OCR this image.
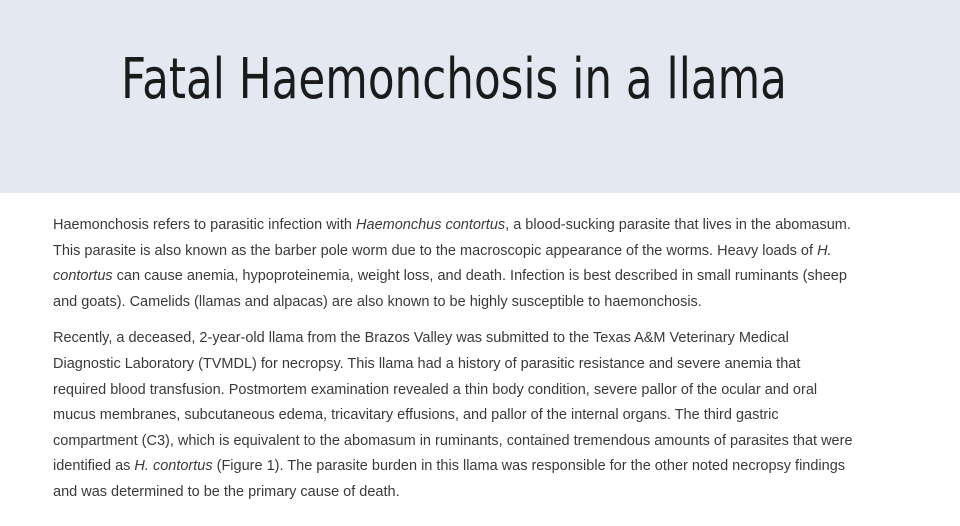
Fatal Haemonchosis in a llama

Haemonchosis refers to parasitic infection with Haemonchus contortus, a blood-sucking parasite that lives in the abomasum. This parasite is also known as the barber pole worm due to the macroscopic appearance of the worms. Heavy loads of H. contortus can cause anemia, hypoproteinemia, weight loss, and death. Infection is best described in small ruminants (sheep and goats). Camelids (llamas and alpacas) are also known to be highly susceptible to haemonchosis.

Recently, a deceased, 2-year-old llama from the Brazos Valley was submitted to the Texas A&M Veterinary Medical Diagnostic Laboratory (TVMDL) for necropsy. This llama had a history of parasitic resistance and severe anemia that required blood transfusion. Postmortem examination revealed a thin body condition, severe pallor of the ocular and oral mucus membranes, subcutaneous edema, tricavitary effusions, and pallor of the internal organs. The third gastric compartment (C3), which is equivalent to the abomasum in ruminants, contained tremendous amounts of parasites that were identified as H. contortus (Figure 1). The parasite burden in this llama was responsible for the other noted necropsy findings and was determined to be the primary cause of death.
